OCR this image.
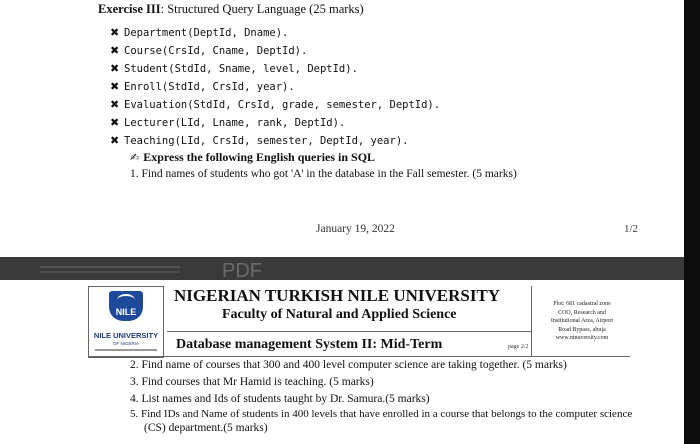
Exercise III: Structured Query Language (25 marks)
✖ Department(DeptId, Dname).
✖ Course(CrsId, Cname, DeptId).
✖ Student(StdId, Sname, level, DeptId).
✖ Enroll(StdId, CrsId, year).
✖ Evaluation(StdId, CrsId, grade, semester, DeptId).
✖ Lecturer(LId, Lname, rank, DeptId).
✖ Teaching(LId, CrsId, semester, DeptId, year).
✍ Express the following English queries in SQL
1. Find names of students who got 'A' in the database in the Fall semester. (5 marks)
January 19, 2022	1/2
PDF
NILE
NILE UNIVERSITY
OF NIGERIA
NIGERIAN TURKISH NILE UNIVERSITY
Faculty of Natural and Applied Science
Database management System II: Mid-Term	page 2/2
Plot: 681 cadastral zone
COO, Research and
Institutional Area, Airport
Road Bypass, abuja
www.ntnuversity.com
2. Find name of courses that 300 and 400 level computer science are taking together. (5 marks)
3. Find courses that Mr Hamid is teaching. (5 marks)
4. List names and Ids of students taught by Dr. Samura.(5 marks)
5. Find IDs and Name of students in 400 levels that have enrolled in a course that belongs to the computer science
(CS) department.(5 marks)
